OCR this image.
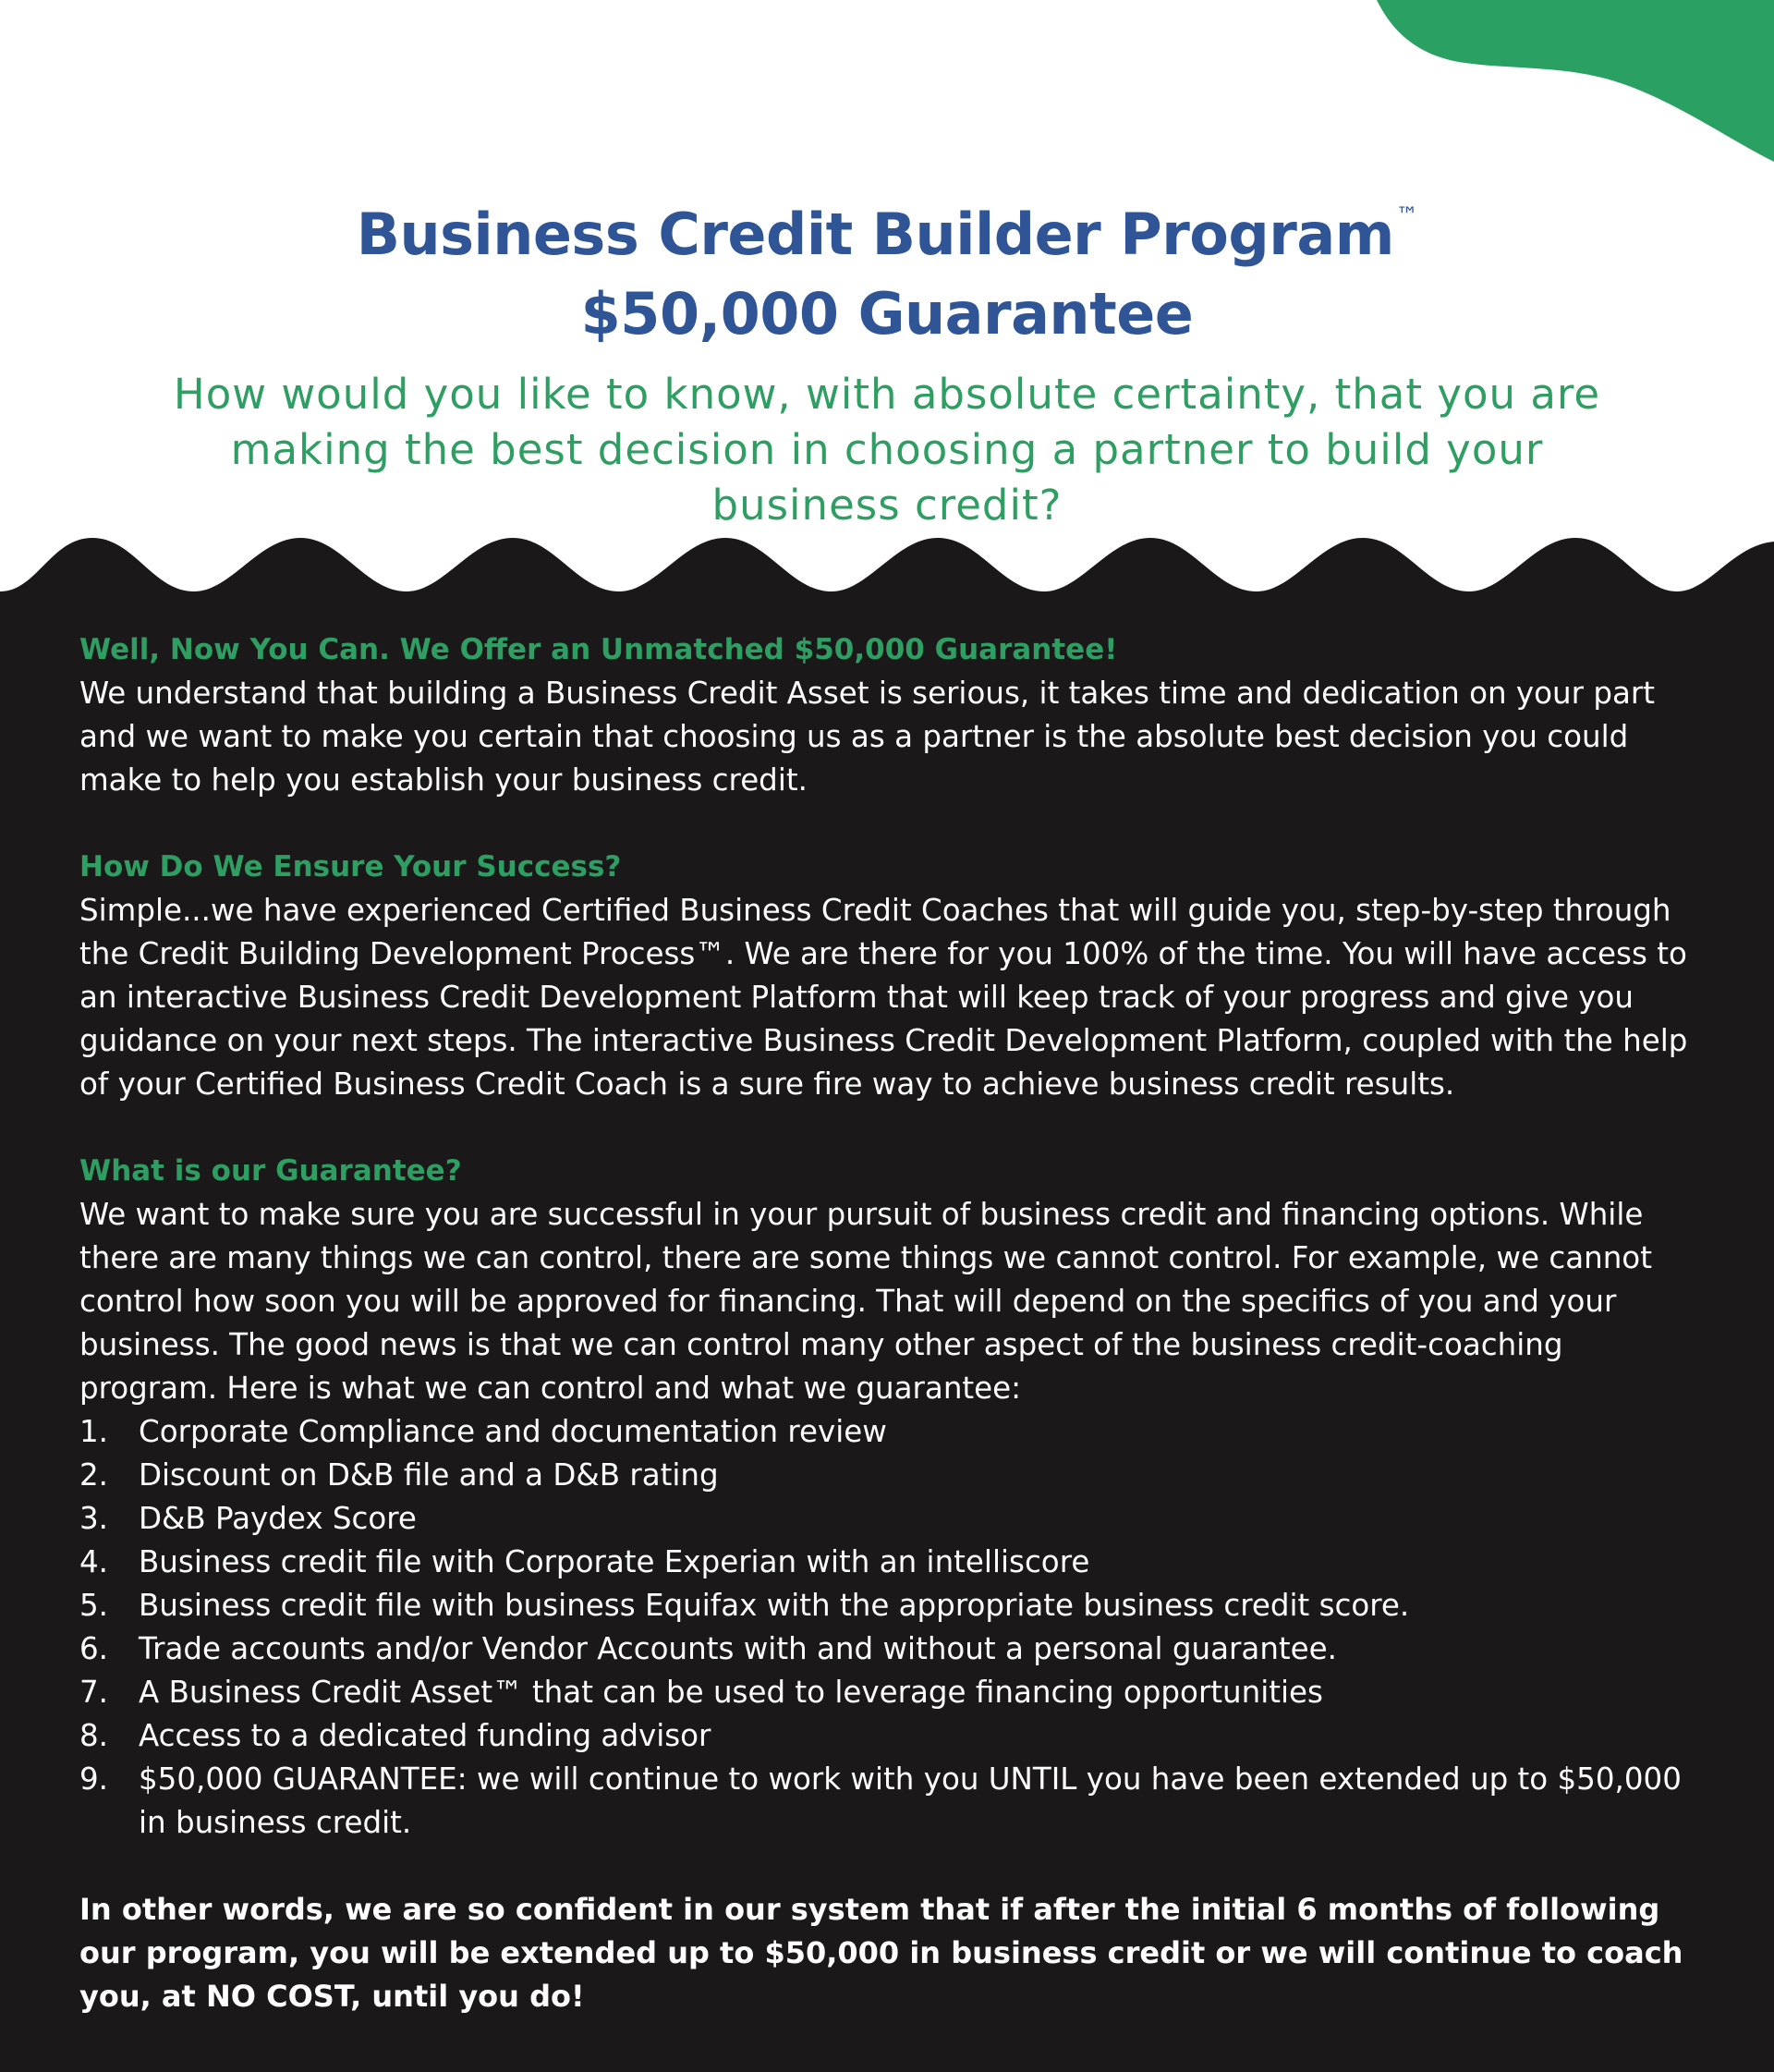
Business Credit Builder Program™
$50,000 Guarantee

How would you like to know, with absolute certainty, that you are making the best decision in choosing a partner to build your business credit?

Well, Now You Can. We Offer an Unmatched $50,000 Guarantee!

We understand that building a Business Credit Asset is serious, it takes time and dedication on your part and we want to make you certain that choosing us as a partner is the absolute best decision you could make to help you establish your business credit.

How Do We Ensure Your Success?

Simple...we have experienced Certified Business Credit Coaches that will guide you, step-by-step through the Credit Building Development Process™. We are there for you 100% of the time. You will have access to an interactive Business Credit Development Platform that will keep track of your progress and give you guidance on your next steps. The interactive Business Credit Development Platform, coupled with the help of your Certified Business Credit Coach is a sure fire way to achieve business credit results.

What is our Guarantee?

We want to make sure you are successful in your pursuit of business credit and financing options. While there are many things we can control, there are some things we cannot control. For example, we cannot control how soon you will be approved for financing. That will depend on the specifics of you and your business. The good news is that we can control many other aspect of the business credit-coaching program. Here is what we can control and what we guarantee:

1.	Corporate Compliance and documentation review
2.	Discount on D&B file and a D&B rating
3.	D&B Paydex Score
4.	Business credit file with Corporate Experian with an intelliscore
5.	Business credit file with business Equifax with the appropriate business credit score.
6.	Trade accounts and/or Vendor Accounts with and without a personal guarantee.
7.	A Business Credit Asset™ that can be used to leverage financing opportunities
8.	Access to a dedicated funding advisor
9.	$50,000 GUARANTEE: we will continue to work with you UNTIL you have been extended up to $50,000 in business credit.

In other words, we are so confident in our system that if after the initial 6 months of following our program, you will be extended up to $50,000 in business credit or we will continue to coach you, at NO COST, until you do!
